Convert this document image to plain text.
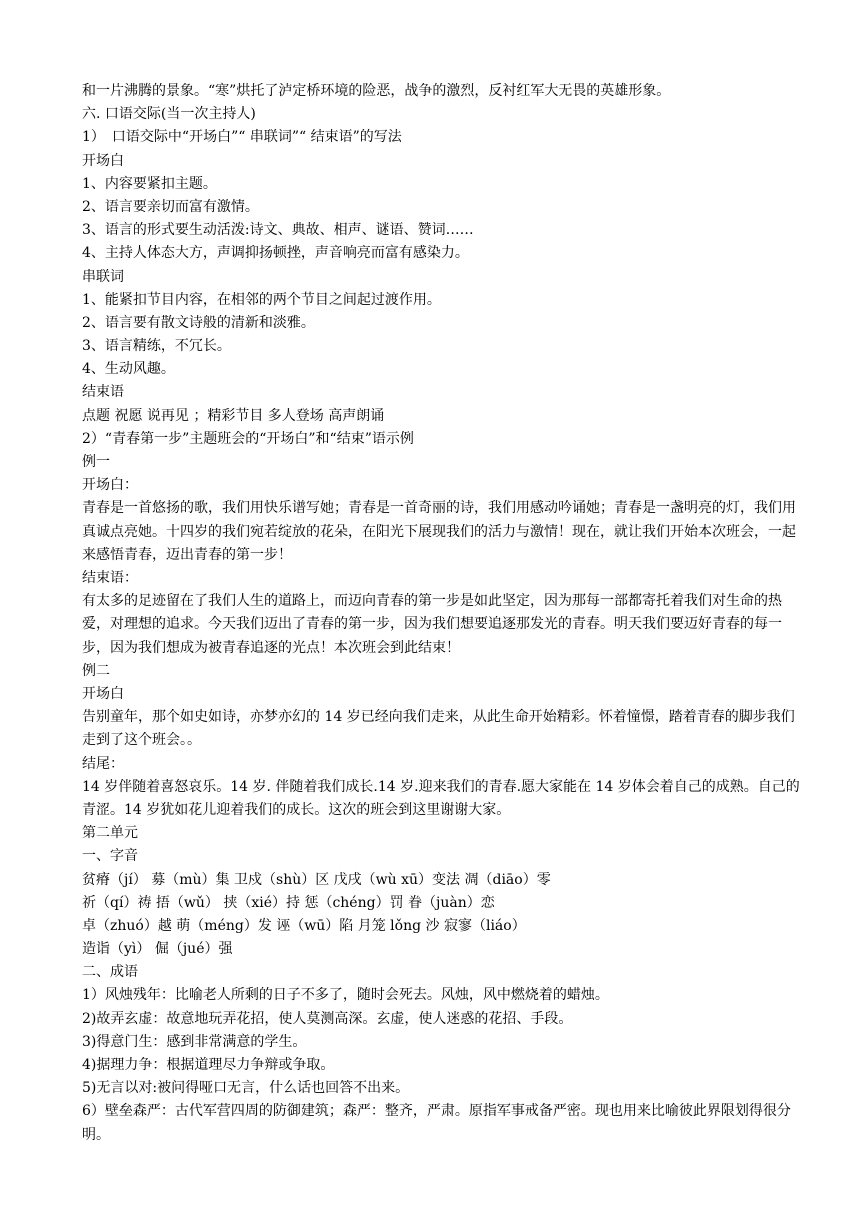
和一片沸腾的景象。“寒”烘托了泸定桥环境的险恶，战争的激烈，反衬红军大无畏的英雄形象。
六. 口语交际(当一次主持人)
1）　口语交际中“开场白”“ 串联词”“ 结束语”的写法
开场白
1、内容要紧扣主题。
2、语言要亲切而富有激情。
3、语言的形式要生动活泼:诗文、典故、相声、谜语、赞词……
4、主持人体态大方，声调抑扬顿挫，声音响亮而富有感染力。
串联词
1、能紧扣节目内容，在相邻的两个节目之间起过渡作用。
2、语言要有散文诗般的清新和淡雅。
3、语言精练，不冗长。
4、生动风趣。
结束语
点题 祝愿 说再见 ；精彩节目 多人登场 高声朗诵
2）“青春第一步”主题班会的“开场白”和“结束”语示例
例一
开场白：
青春是一首悠扬的歌，我们用快乐谱写她；青春是一首奇丽的诗，我们用感动吟诵她；青春是一盏明亮的灯，我们用真诚点亮她。十四岁的我们宛若绽放的花朵，在阳光下展现我们的活力与激情！现在，就让我们开始本次班会，一起来感悟青春，迈出青春的第一步！
结束语：
有太多的足迹留在了我们人生的道路上，而迈向青春的第一步是如此坚定，因为那每一部都寄托着我们对生命的热爱，对理想的追求。今天我们迈出了青春的第一步，因为我们想要追逐那发光的青春。明天我们要迈好青春的每一步，因为我们想成为被青春追逐的光点！本次班会到此结束！
例二
开场白
告别童年，那个如史如诗，亦梦亦幻的 14 岁已经向我们走来，从此生命开始精彩。怀着憧憬，踏着青春的脚步我们走到了这个班会。。
结尾：
14 岁伴随着喜怒哀乐。14 岁. 伴随着我们成长.14 岁.迎来我们的青春.愿大家能在 14 岁体会着自己的成熟。自己的青涩。14 岁犹如花儿迎着我们的成长。这次的班会到这里谢谢大家。
第二单元
一、字音
贫瘠（jí） 募（mù）集 卫戍（shù）区 戊戌（wù xū）变法 凋（diāo）零
祈（qí）祷 捂（wǔ） 挟（xié）持 惩（chéng）罚 眷（juàn）恋
卓（zhuó）越 萌（méng）发 诬（wū）陷 月笼 lǒng 沙 寂寥（liáo）
造诣（yì） 倔（jué）强
二、成语
1）风烛残年：比喻老人所剩的日子不多了，随时会死去。风烛，风中燃烧着的蜡烛。
2)故弄玄虚：故意地玩弄花招，使人莫测高深。玄虚，使人迷惑的花招、手段。
3)得意门生：感到非常满意的学生。
4)据理力争：根据道理尽力争辩或争取。
5)无言以对:被问得哑口无言，什么话也回答不出来。
6）壁垒森严：古代军营四周的防御建筑；森严：整齐，严肃。原指军事戒备严密。现也用来比喻彼此界限划得很分明。
